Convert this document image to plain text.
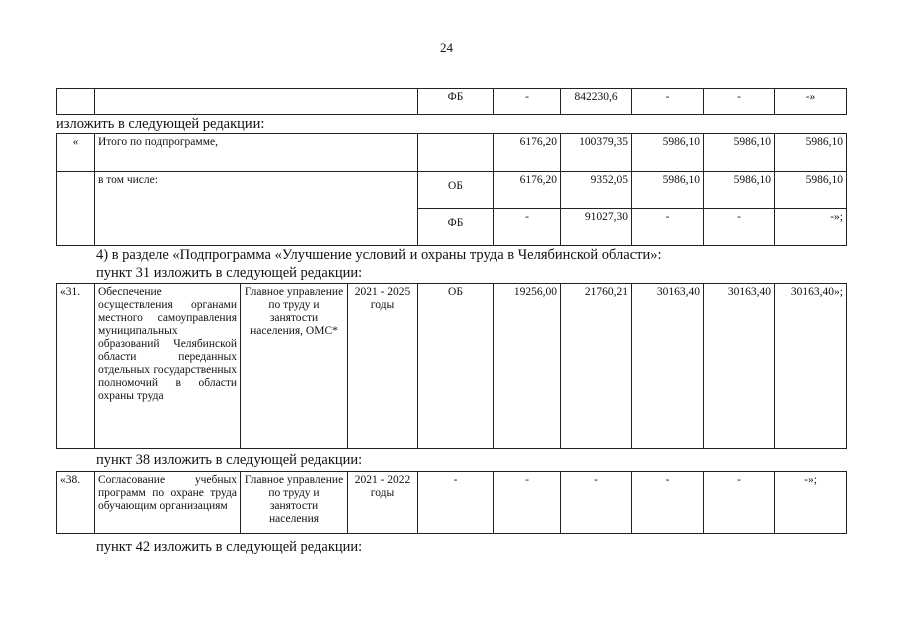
24
		ФБ	-	842230,6	-	-	-»
изложить в следующей редакции:
«	Итого по подпрограмме,		6176,20	100379,35	5986,10	5986,10	5986,10
	в том числе:	ОБ	6176,20	9352,05	5986,10	5986,10	5986,10
		ФБ	-	91027,30	-	-	-»;
4) в разделе «Подпрограмма «Улучшение условий и охраны труда в Челябинской области»:
пункт 31 изложить в следующей редакции:
«31.	Обеспечение осуществления органами местного самоуправления муниципальных образований Челябинской области переданных отдельных государственных полномочий в области охраны труда	Главное управление по труду и занятости населения, ОМС*	2021 - 2025 годы	ОБ	19256,00	21760,21	30163,40	30163,40	30163,40»;
пункт 38 изложить в следующей редакции:
«38.	Согласование учебных программ по охране труда обучающим организациям	Главное управление по труду и занятости населения	2021 - 2022 годы	-	-	-	-	-	-»;
пункт 42 изложить в следующей редакции:
